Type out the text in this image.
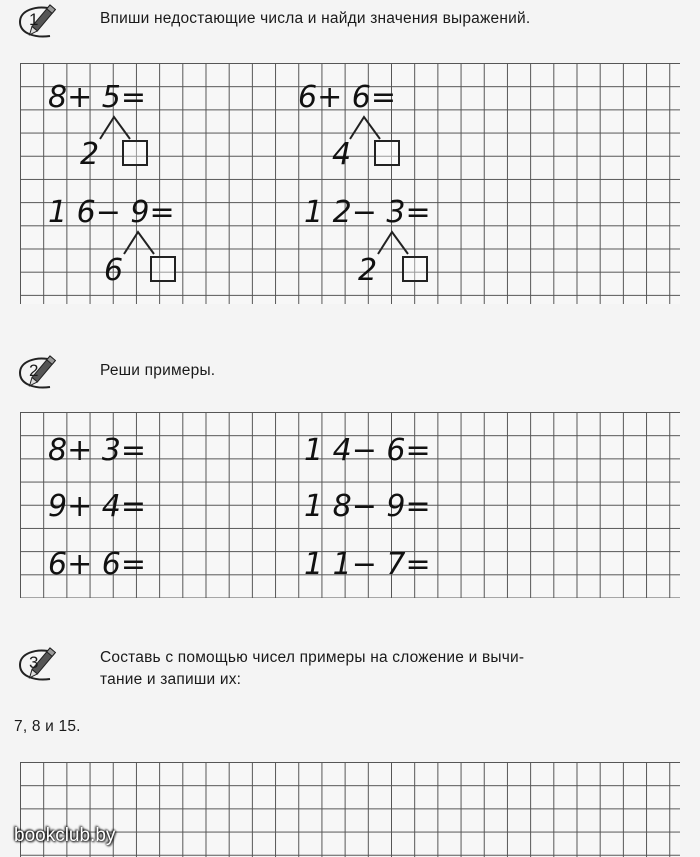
1	Впиши недостающие числа и найди значения выражений.
8+ 5=	6+ 6=
1 6− 9=	1 2− 3=
2	4
6	2
2	Реши примеры.
8+ 3=	1 4− 6=
9+ 4=	1 8− 9=
6+ 6=	1 1− 7=
3	Составь с помощью чисел примеры на сложение и вычи-
тание и запиши их:
7, 8 и 15.
bookclub.by
